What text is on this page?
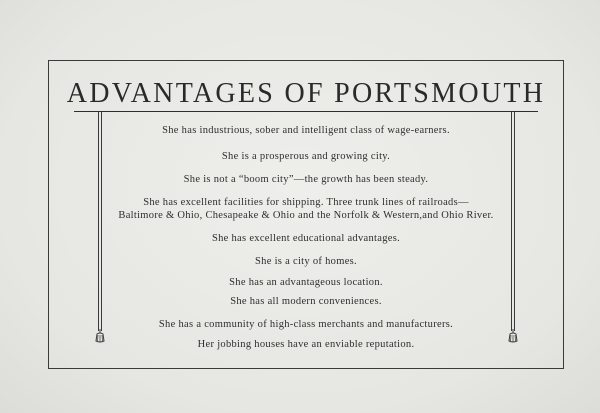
ADVANTAGES OF PORTSMOUTH
She has industrious, sober and intelligent class of wage-earners.
She is a prosperous and growing city.
She is not a “boom city”—the growth has been steady.
She has excellent facilities for shipping. Three trunk lines of railroads—
Baltimore & Ohio, Chesapeake & Ohio and the Norfolk & Western,and Ohio River.
She has excellent educational advantages.
She is a city of homes.
She has an advantageous location.
She has all modern conveniences.
She has a community of high-class merchants and manufacturers.
Her jobbing houses have an enviable reputation.
